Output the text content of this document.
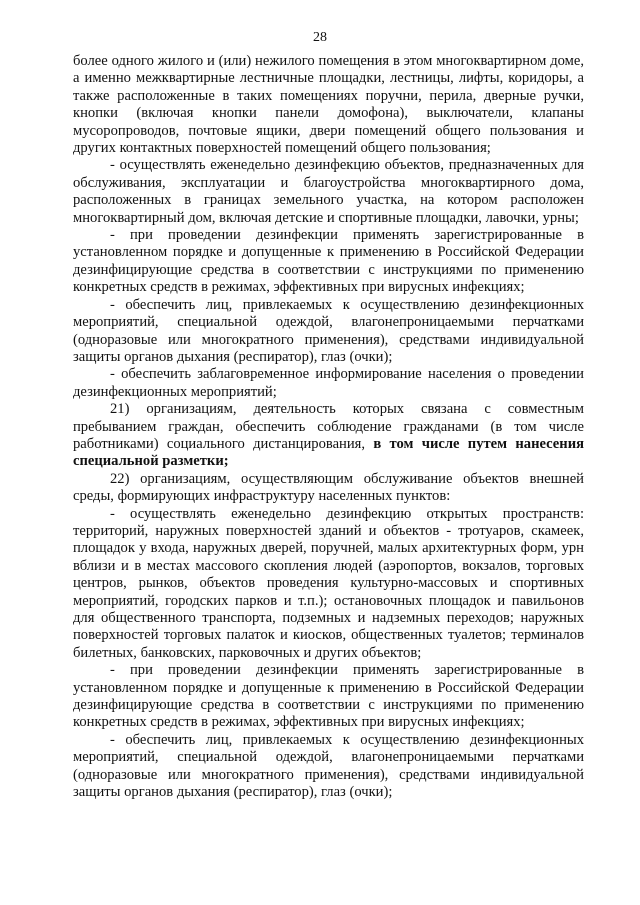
28

более одного жилого и (или) нежилого помещения в этом многоквартирном доме, а именно межквартирные лестничные площадки, лестницы, лифты, коридоры, а также расположенные в таких помещениях поручни, перила, дверные ручки, кнопки (включая кнопки панели домофона), выключатели, клапаны мусоропроводов, почтовые ящики, двери помещений общего пользования и других контактных поверхностей помещений общего пользования;

- осуществлять еженедельно дезинфекцию объектов, предназначенных для обслуживания, эксплуатации и благоустройства многоквартирного дома, расположенных в границах земельного участка, на котором расположен многоквартирный дом, включая детские и спортивные площадки, лавочки, урны;

- при проведении дезинфекции применять зарегистрированные в установленном порядке и допущенные к применению в Российской Федерации дезинфицирующие средства в соответствии с инструкциями по применению конкретных средств в режимах, эффективных при вирусных инфекциях;

- обеспечить лиц, привлекаемых к осуществлению дезинфекционных мероприятий, специальной одеждой, влагонепроницаемыми перчатками (одноразовые или многократного применения), средствами индивидуальной защиты органов дыхания (респиратор), глаз (очки);

- обеспечить заблаговременное информирование населения о проведении дезинфекционных мероприятий;

21) организациям, деятельность которых связана с совместным пребыванием граждан, обеспечить соблюдение гражданами (в том числе работниками) социального дистанцирования, в том числе путем нанесения специальной разметки;

22) организациям, осуществляющим обслуживание объектов внешней среды, формирующих инфраструктуру населенных пунктов:

- осуществлять еженедельно дезинфекцию открытых пространств: территорий, наружных поверхностей зданий и объектов - тротуаров, скамеек, площадок у входа, наружных дверей, поручней, малых архитектурных форм, урн вблизи и в местах массового скопления людей (аэропортов, вокзалов, торговых центров, рынков, объектов проведения культурно-массовых и спортивных мероприятий, городских парков и т.п.); остановочных площадок и павильонов для общественного транспорта, подземных и надземных переходов; наружных поверхностей торговых палаток и киосков, общественных туалетов; терминалов билетных, банковских, парковочных и других объектов;

- при проведении дезинфекции применять зарегистрированные в установленном порядке и допущенные к применению в Российской Федерации дезинфицирующие средства в соответствии с инструкциями по применению конкретных средств в режимах, эффективных при вирусных инфекциях;

- обеспечить лиц, привлекаемых к осуществлению дезинфекционных мероприятий, специальной одеждой, влагонепроницаемыми перчатками (одноразовые или многократного применения), средствами индивидуальной защиты органов дыхания (респиратор), глаз (очки);
